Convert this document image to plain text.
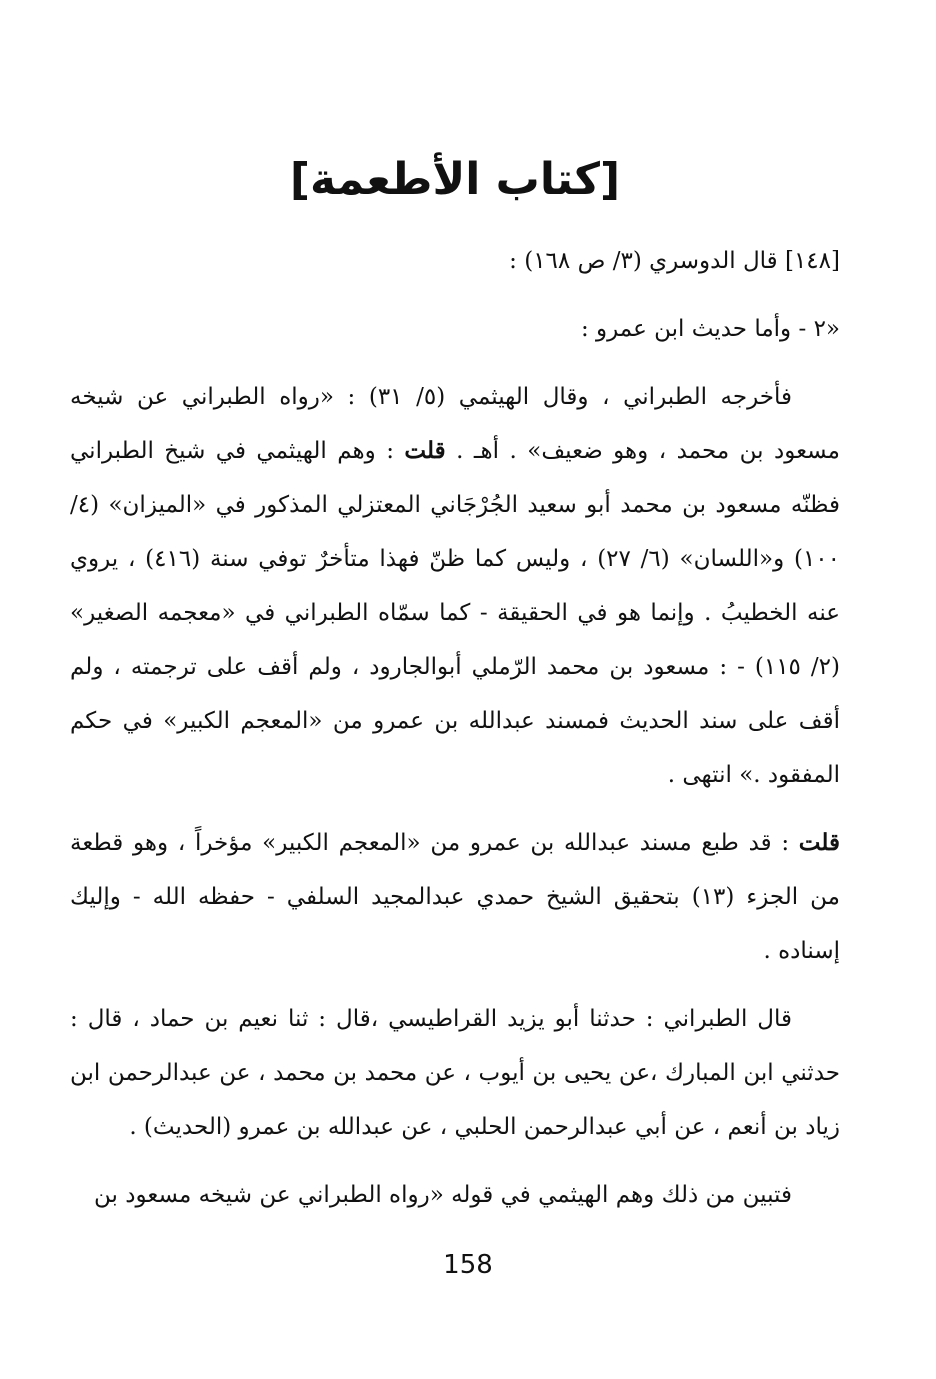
[كتاب الأطعمة]

[١٤٨] قال الدوسري (٣/ ص ١٦٨) :

«٢ - وأما حديث ابن عمرو :

فأخرجه الطبراني ، وقال الهيثمي (٥/ ٣١) : «رواه الطبراني عن شيخه مسعود بن محمد ، وهو ضعيف» . أهـ . قلت : وهم الهيثمي في شيخ الطبراني فظنّه مسعود بن محمد أبو سعيد الجُرْجَاني المعتزلي المذكور في «الميزان» (٤/ ١٠٠) و«اللسان» (٦/ ٢٧) ، وليس كما ظنّ فهذا متأخرٌ توفي سنة (٤١٦) ، يروي عنه الخطيبُ . وإنما هو في الحقيقة - كما سمّاه الطبراني في «معجمه الصغير» (٢/ ١١٥) - : مسعود بن محمد الرّملي أبوالجارود ، ولم أقف على ترجمته ، ولم أقف على سند الحديث فمسند عبدالله بن عمرو من «المعجم الكبير» في حكم المفقود .» انتهى .

قلت : قد طبع مسند عبدالله بن عمرو من «المعجم الكبير» مؤخراً ، وهو قطعة من الجزء (١٣) بتحقيق الشيخ حمدي عبدالمجيد السلفي - حفظه الله - وإليك إسناده .

قال الطبراني : حدثنا أبو يزيد القراطيسي ،قال : ثنا نعيم بن حماد ، قال : حدثني ابن المبارك ،عن يحيى بن أيوب ، عن محمد بن محمد ، عن عبدالرحمن ابن زياد بن أنعم ، عن أبي عبدالرحمن الحلبي ، عن عبدالله بن عمرو (الحديث) .

فتبين من ذلك وهم الهيثمي في قوله «رواه الطبراني عن شيخه مسعود بن

158
